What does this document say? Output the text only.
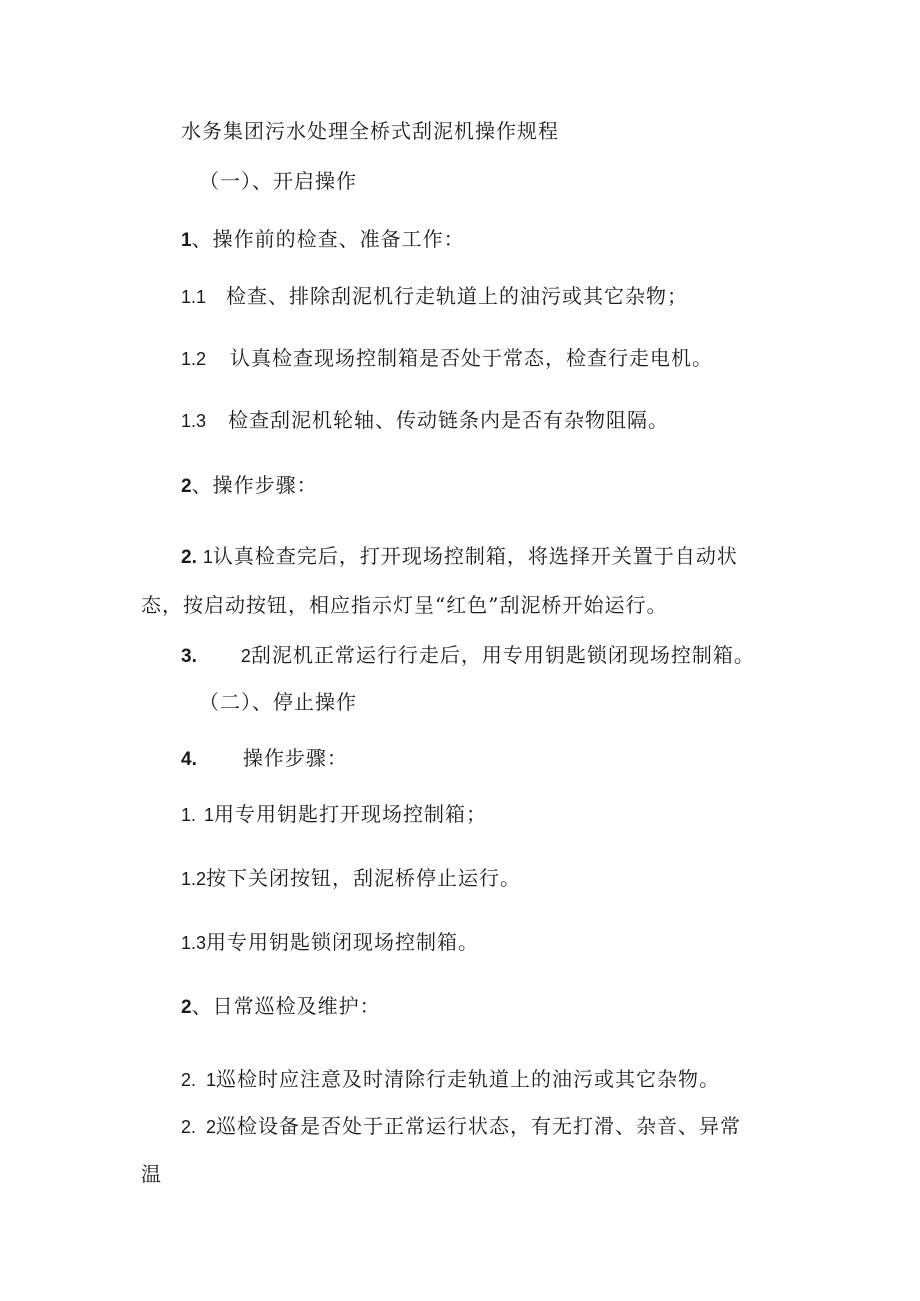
水务集团污水处理全桥式刮泥机操作规程
（一）、开启操作
1、操作前的检查、准备工作：
1.1 检查、排除刮泥机行走轨道上的油污或其它杂物；
1.2 认真检查现场控制箱是否处于常态，检查行走电机。
1.3 检查刮泥机轮轴、传动链条内是否有杂物阻隔。
2、操作步骤：
2. 1认真检查完后，打开现场控制箱，将选择开关置于自动状
态，按启动按钮，相应指示灯呈“红色”刮泥桥开始运行。
3. 2刮泥机正常运行行走后，用专用钥匙锁闭现场控制箱。
（二）、停止操作
4. 操作步骤：
1. 1用专用钥匙打开现场控制箱；
1.2按下关闭按钮，刮泥桥停止运行。
1.3用专用钥匙锁闭现场控制箱。
2、日常巡检及维护：
2. 1巡检时应注意及时清除行走轨道上的油污或其它杂物。
2. 2巡检设备是否处于正常运行状态，有无打滑、杂音、异常
温
